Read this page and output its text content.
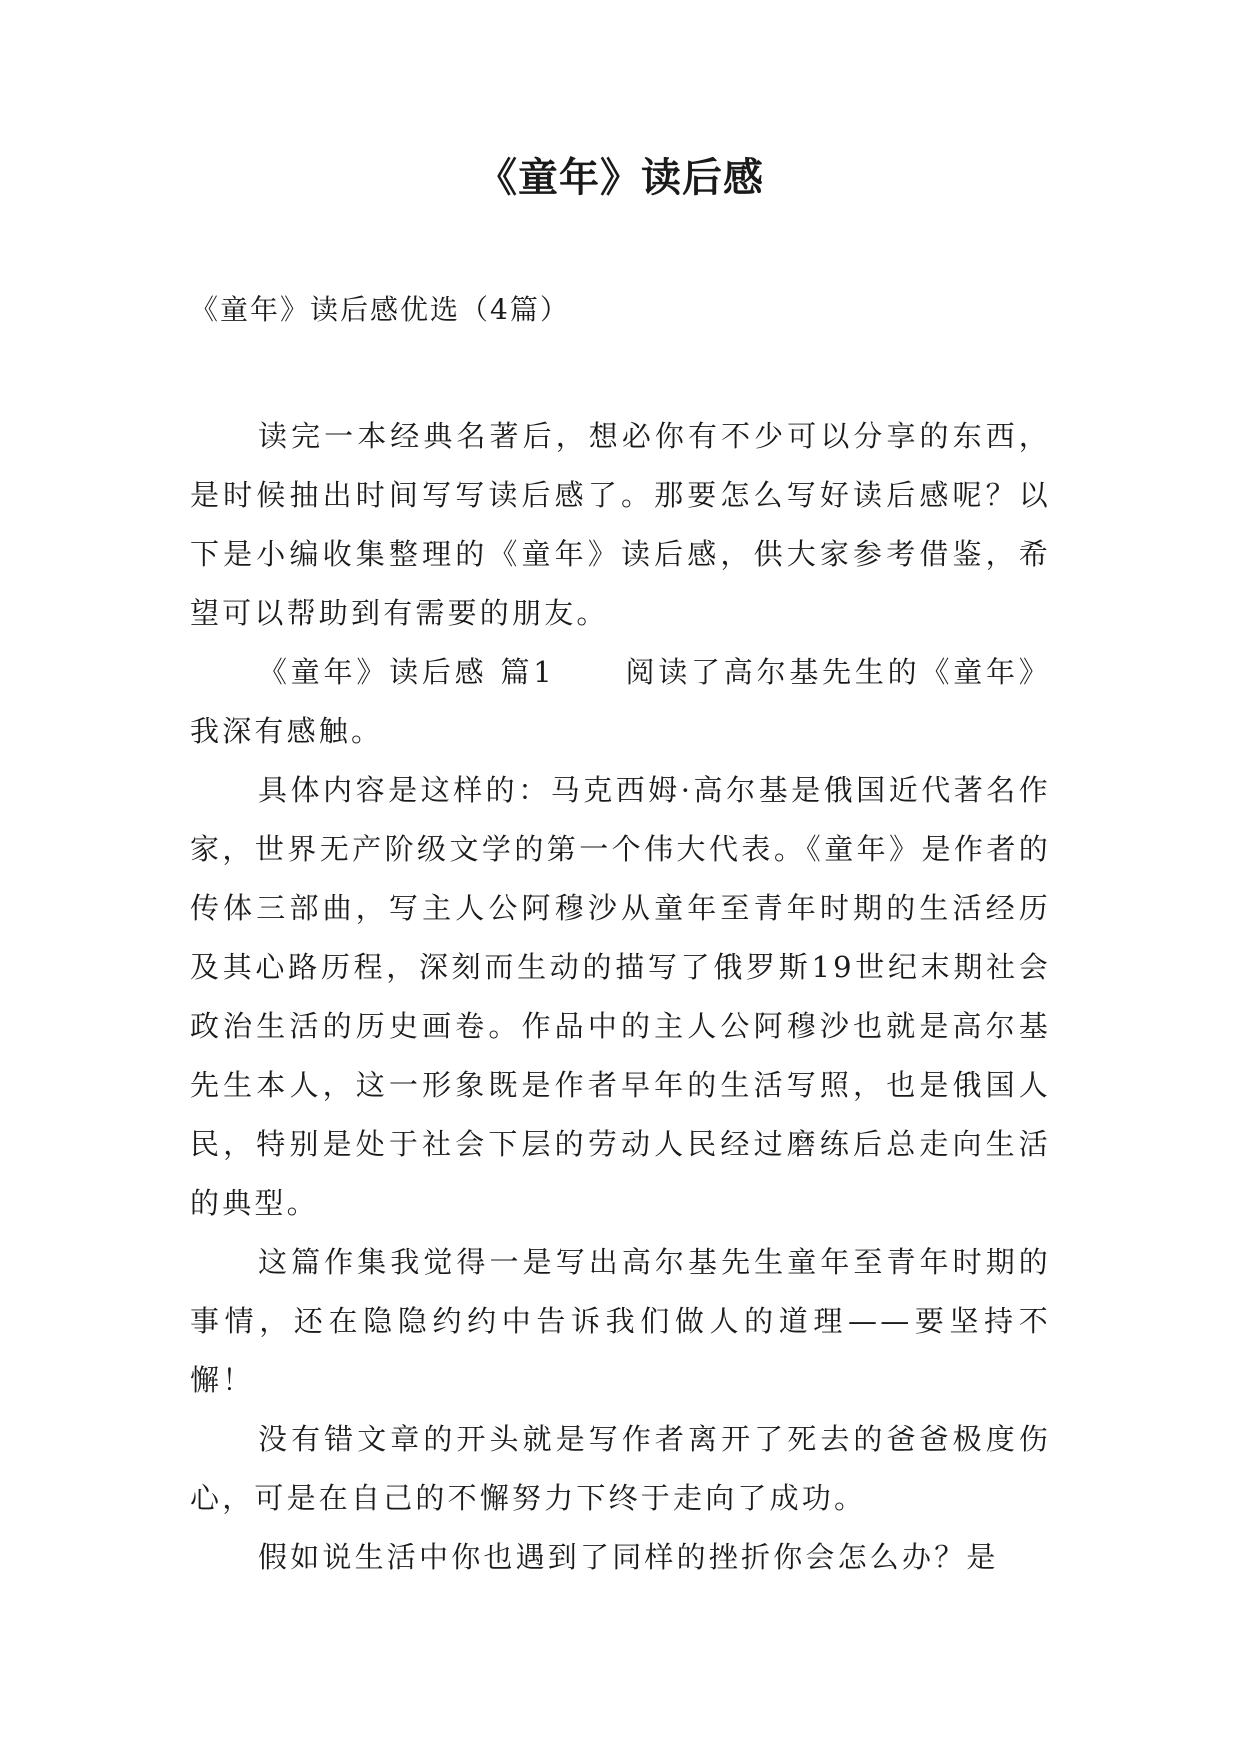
《童年》读后感

《童年》读后感优选（4篇）

读完一本经典名著后，想必你有不少可以分享的东西，是时候抽出时间写写读后感了。那要怎么写好读后感呢？以下是小编收集整理的《童年》读后感，供大家参考借鉴，希望可以帮助到有需要的朋友。

《童年》读后感 篇1 阅读了高尔基先生的《童年》我深有感触。

具体内容是这样的：马克西姆·高尔基是俄国近代著名作家，世界无产阶级文学的第一个伟大代表。《童年》是作者的传体三部曲，写主人公阿穆沙从童年至青年时期的生活经历及其心路历程，深刻而生动的描写了俄罗斯19世纪末期社会政治生活的历史画卷。作品中的主人公阿穆沙也就是高尔基先生本人，这一形象既是作者早年的生活写照，也是俄国人民，特别是处于社会下层的劳动人民经过磨练后总走向生活的典型。

这篇作集我觉得一是写出高尔基先生童年至青年时期的事情，还在隐隐约约中告诉我们做人的道理——要坚持不懈！

没有错文章的开头就是写作者离开了死去的爸爸极度伤心，可是在自己的不懈努力下终于走向了成功。

假如说生活中你也遇到了同样的挫折你会怎么办？是
